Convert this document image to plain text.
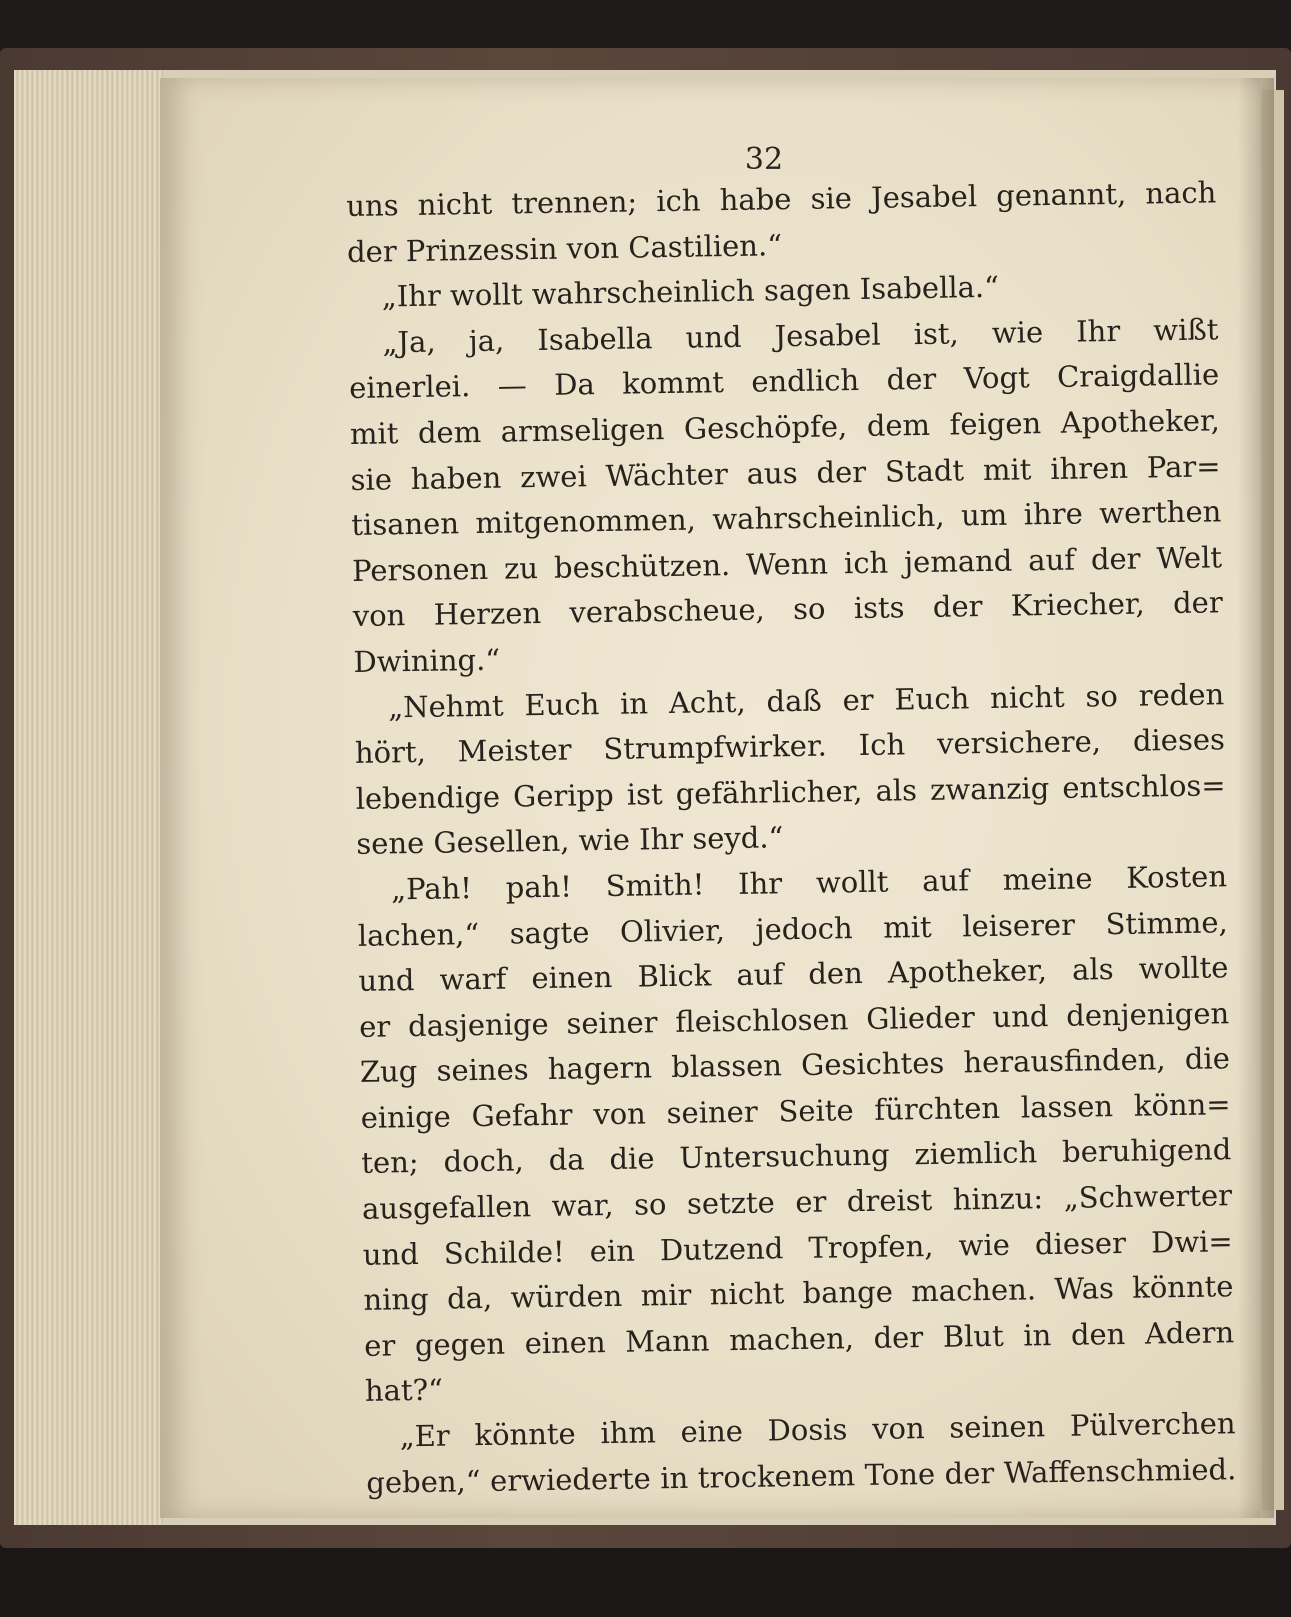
32
uns nicht trennen; ich habe sie Jesabel genannt, nach
der Prinzessin von Castilien.“
„Ihr wollt wahrscheinlich sagen Isabella.“
„Ja, ja, Isabella und Jesabel ist, wie Ihr wißt
einerlei. — Da kommt endlich der Vogt Craigdallie
mit dem armseligen Geschöpfe, dem feigen Apotheker,
sie haben zwei Wächter aus der Stadt mit ihren Par=
tisanen mitgenommen, wahrscheinlich, um ihre werthen
Personen zu beschützen. Wenn ich jemand auf der Welt
von Herzen verabscheue, so ists der Kriecher, der
Dwining.“
„Nehmt Euch in Acht, daß er Euch nicht so reden
hört, Meister Strumpfwirker. Ich versichere, dieses
lebendige Geripp ist gefährlicher, als zwanzig entschlos=
sene Gesellen, wie Ihr seyd.“
„Pah! pah! Smith! Ihr wollt auf meine Kosten
lachen,“ sagte Olivier, jedoch mit leiserer Stimme,
und warf einen Blick auf den Apotheker, als wollte
er dasjenige seiner fleischlosen Glieder und denjenigen
Zug seines hagern blassen Gesichtes herausfinden, die
einige Gefahr von seiner Seite fürchten lassen könn=
ten; doch, da die Untersuchung ziemlich beruhigend
ausgefallen war, so setzte er dreist hinzu: „Schwerter
und Schilde! ein Dutzend Tropfen, wie dieser Dwi=
ning da, würden mir nicht bange machen. Was könnte
er gegen einen Mann machen, der Blut in den Adern
hat?“
„Er könnte ihm eine Dosis von seinen Pülverchen
geben,“ erwiederte in trockenem Tone der Waffenschmied.
